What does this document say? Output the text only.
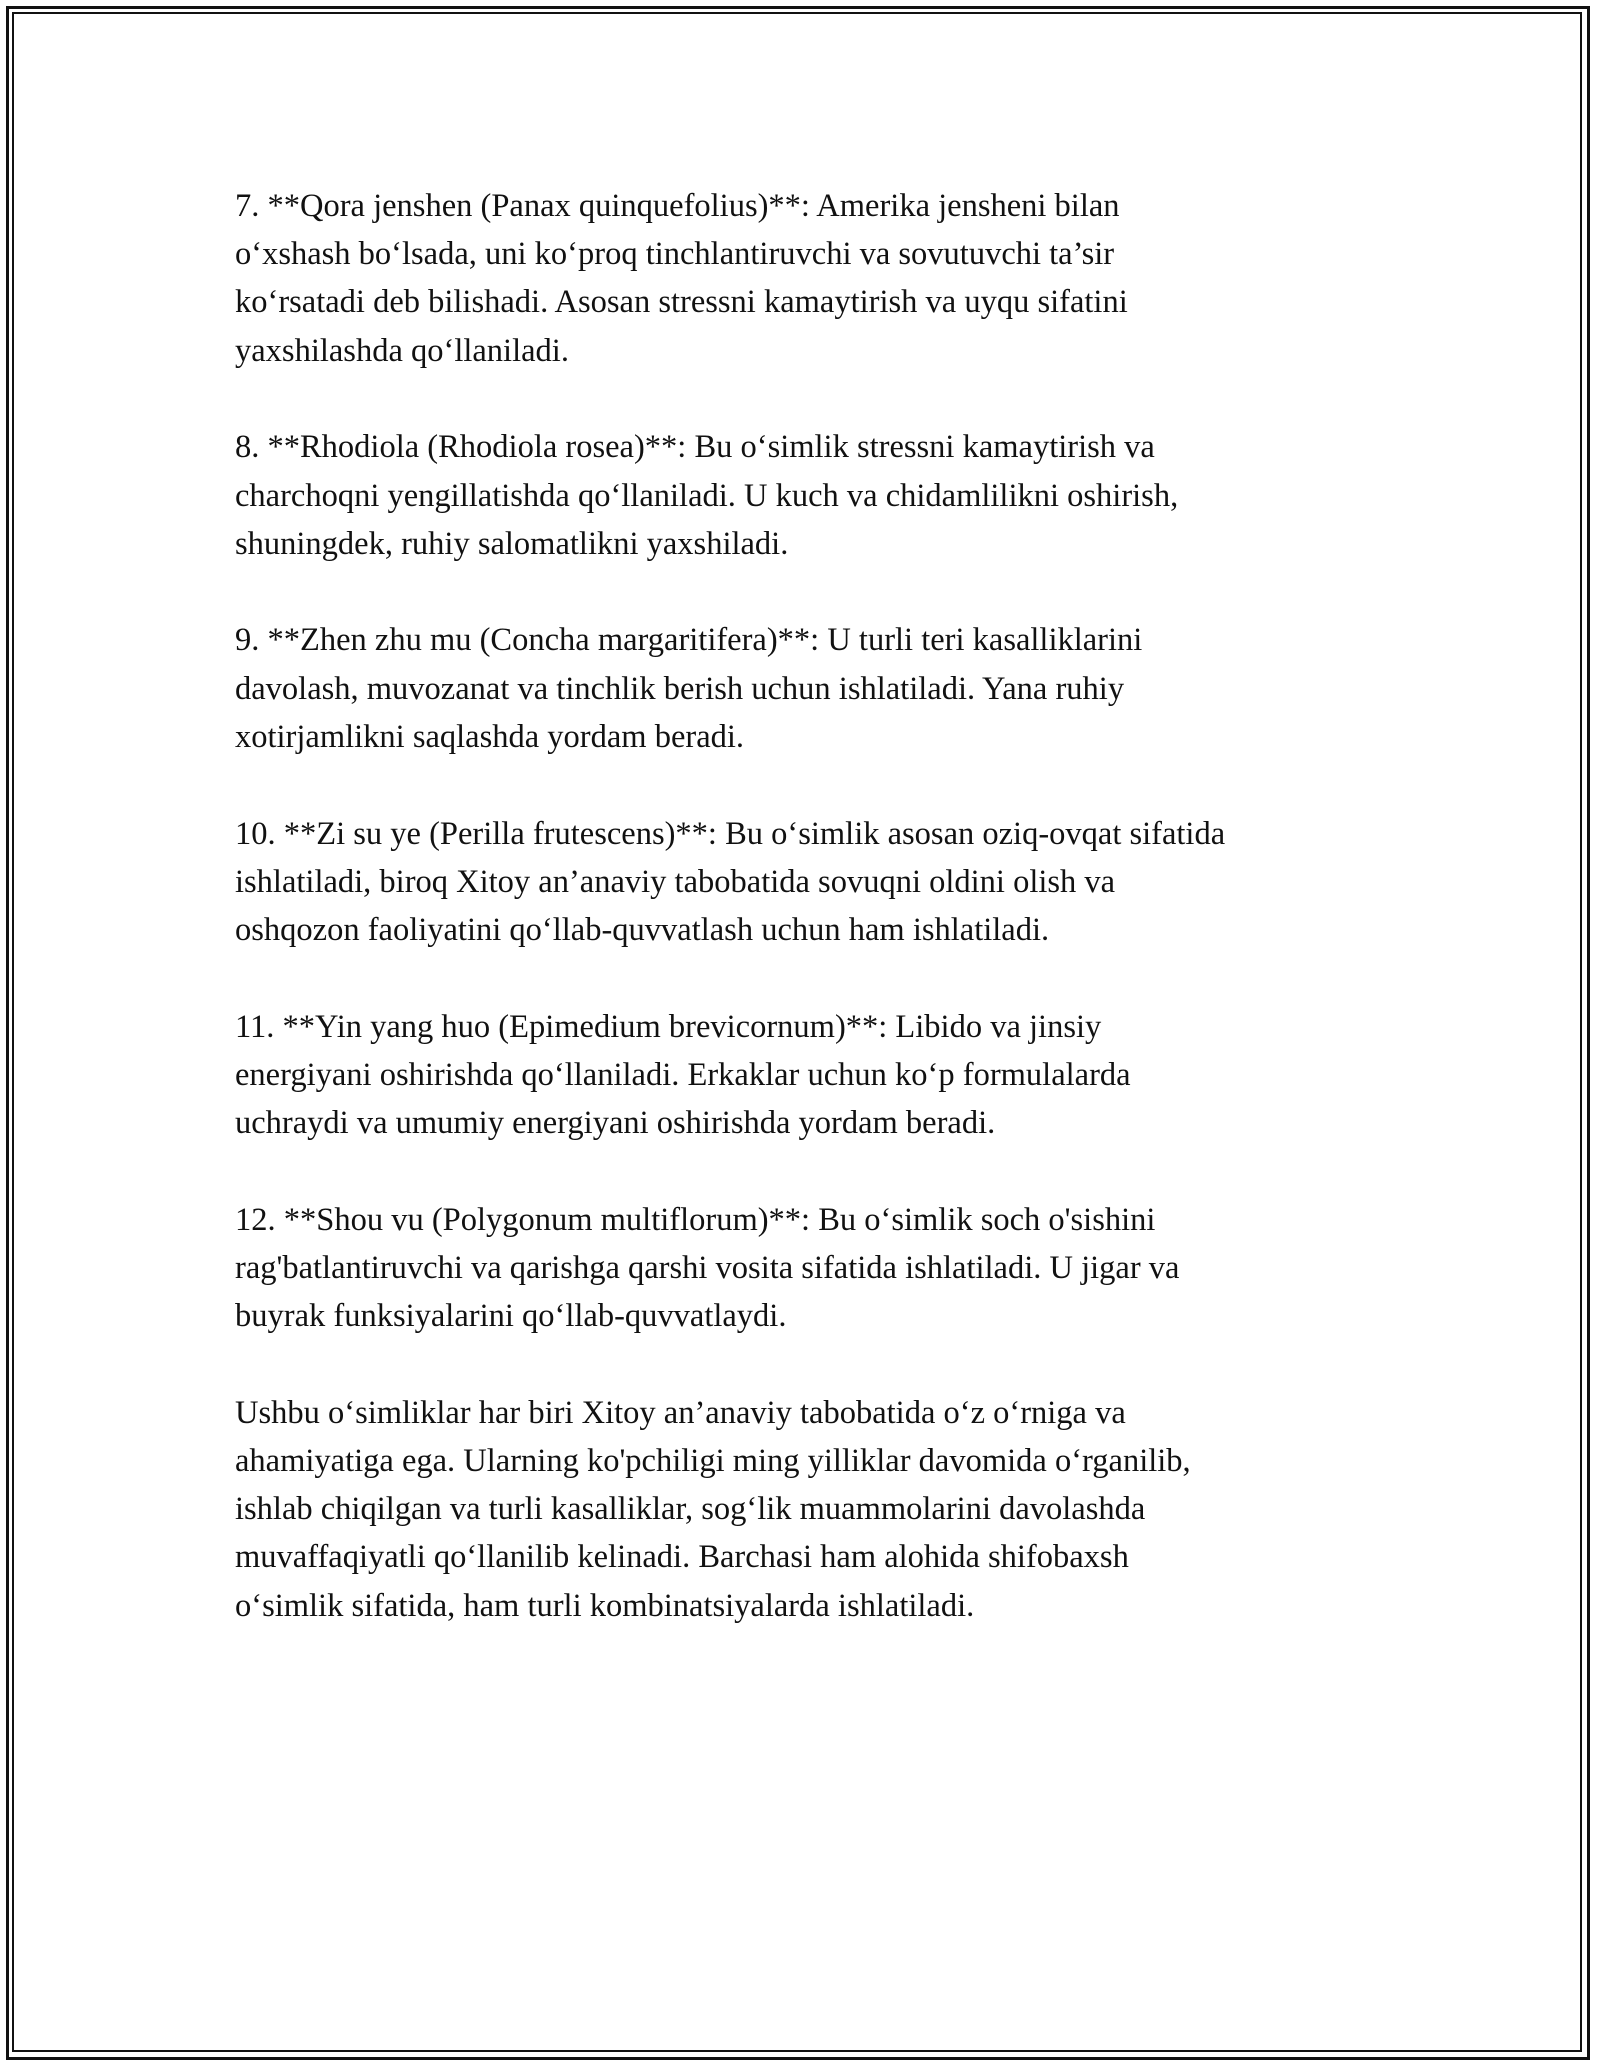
7. **Qora jenshen (Panax quinquefolius)**: Amerika jensheni bilan
o‘xshash bo‘lsada, uni ko‘proq tinchlantiruvchi va sovutuvchi ta’sir
ko‘rsatadi deb bilishadi. Asosan stressni kamaytirish va uyqu sifatini
yaxshilashda qo‘llaniladi.

8. **Rhodiola (Rhodiola rosea)**: Bu o‘simlik stressni kamaytirish va
charchoqni yengillatishda qo‘llaniladi. U kuch va chidamlilikni oshirish,
shuningdek, ruhiy salomatlikni yaxshiladi.

9. **Zhen zhu mu (Concha margaritifera)**: U turli teri kasalliklarini
davolash, muvozanat va tinchlik berish uchun ishlatiladi. Yana ruhiy
xotirjamlikni saqlashda yordam beradi.

10. **Zi su ye (Perilla frutescens)**: Bu o‘simlik asosan oziq-ovqat sifatida
ishlatiladi, biroq Xitoy an’anaviy tabobatida sovuqni oldini olish va
oshqozon faoliyatini qo‘llab-quvvatlash uchun ham ishlatiladi.

11. **Yin yang huo (Epimedium brevicornum)**: Libido va jinsiy
energiyani oshirishda qo‘llaniladi. Erkaklar uchun ko‘p formulalarda
uchraydi va umumiy energiyani oshirishda yordam beradi.

12. **Shou vu (Polygonum multiflorum)**: Bu o‘simlik soch o'sishini
rag'batlantiruvchi va qarishga qarshi vosita sifatida ishlatiladi. U jigar va
buyrak funksiyalarini qo‘llab-quvvatlaydi.

Ushbu o‘simliklar har biri Xitoy an’anaviy tabobatida o‘z o‘rniga va
ahamiyatiga ega. Ularning ko'pchiligi ming yilliklar davomida o‘rganilib,
ishlab chiqilgan va turli kasalliklar, sog‘lik muammolarini davolashda
muvaffaqiyatli qo‘llanilib kelinadi. Barchasi ham alohida shifobaxsh
o‘simlik sifatida, ham turli kombinatsiyalarda ishlatiladi.
